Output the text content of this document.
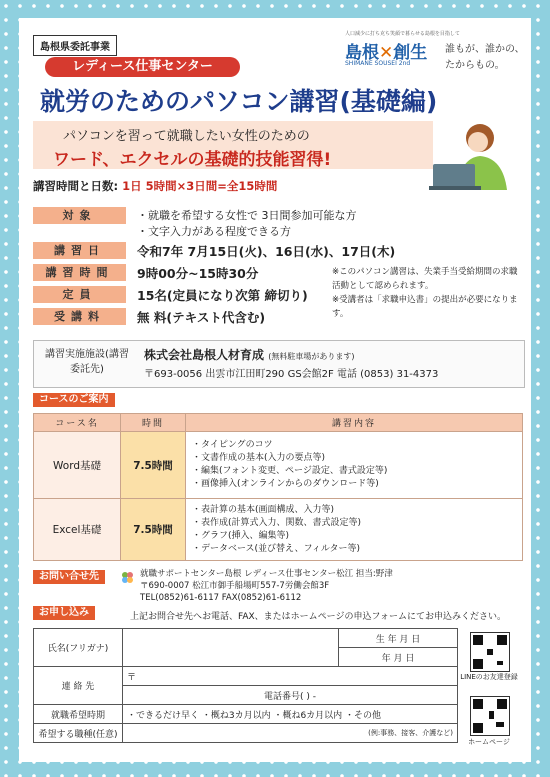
島根県委託事業
レディース仕事センター
人口減少に打ち克ち笑顔で暮らせる島根を目指して
島根✕創生
SHIMANE SOUSEI 2nd
誰もが、誰かの、たからもの。
就労のためのパソコン講習(基礎編)
パソコンを習って就職したい女性のための
ワード、エクセルの基礎的技能習得!
講習時間と日数: 1日 5時間×3日間=全15時間
対象	・就職を希望する女性で 3日間参加可能な方
・文字入力がある程度できる方
講習日	令和7年 7月15日(火)、16日(水)、17日(木)
講習時間	9時00分~15時30分
定員	15名(定員になり次第 締切り)
受講料	無 料(テキスト代含む)
※このパソコン講習は、失業手当受給期間の求職活動として認められます。
※受講者は「求職申込書」の提出が必要になります。
講習実施施設(講習委託先)
株式会社島根人材育成 (無料駐車場があります)
〒693-0056 出雲市江田町290 GS会館2F 電話 (0853) 31-4373
コースのご案内
コース名	時間	講習内容
Word基礎	7.5時間	・タイピングのコツ
・文書作成の基本(入力の要点等)
・編集(フォント変更、ページ設定、書式設定等)
・画像挿入(オンラインからのダウンロード等)

Excel基礎	7.5時間	・表計算の基本(画面構成、入力等)
・表作成(計算式入力、関数、書式設定等)
・グラフ(挿入、編集等)
・データベース(並び替え、フィルター等)
お問い合せ先	就職サポートセンター島根 レディース仕事センター松江 担当:野津
〒690-0007 松江市御手船場町557-7労働会館3F
TEL(0852)61-6117 FAX(0852)61-6112
お申し込み	上記お問合せ先へお電話、FAX、またはホームページの申込フォームにてお申込みください。
氏名(フリガナ)		生 年 月 日
		年 月 日
連 絡 先	〒	
	電話番号( ) -	
就職希望時期	・できるだけ早く ・概ね3カ月以内 ・概ね6カ月以内 ・その他	
希望する職種(任意)	(例:事務、接客、介護など)	
LINEのお友達登録
ホームページ
